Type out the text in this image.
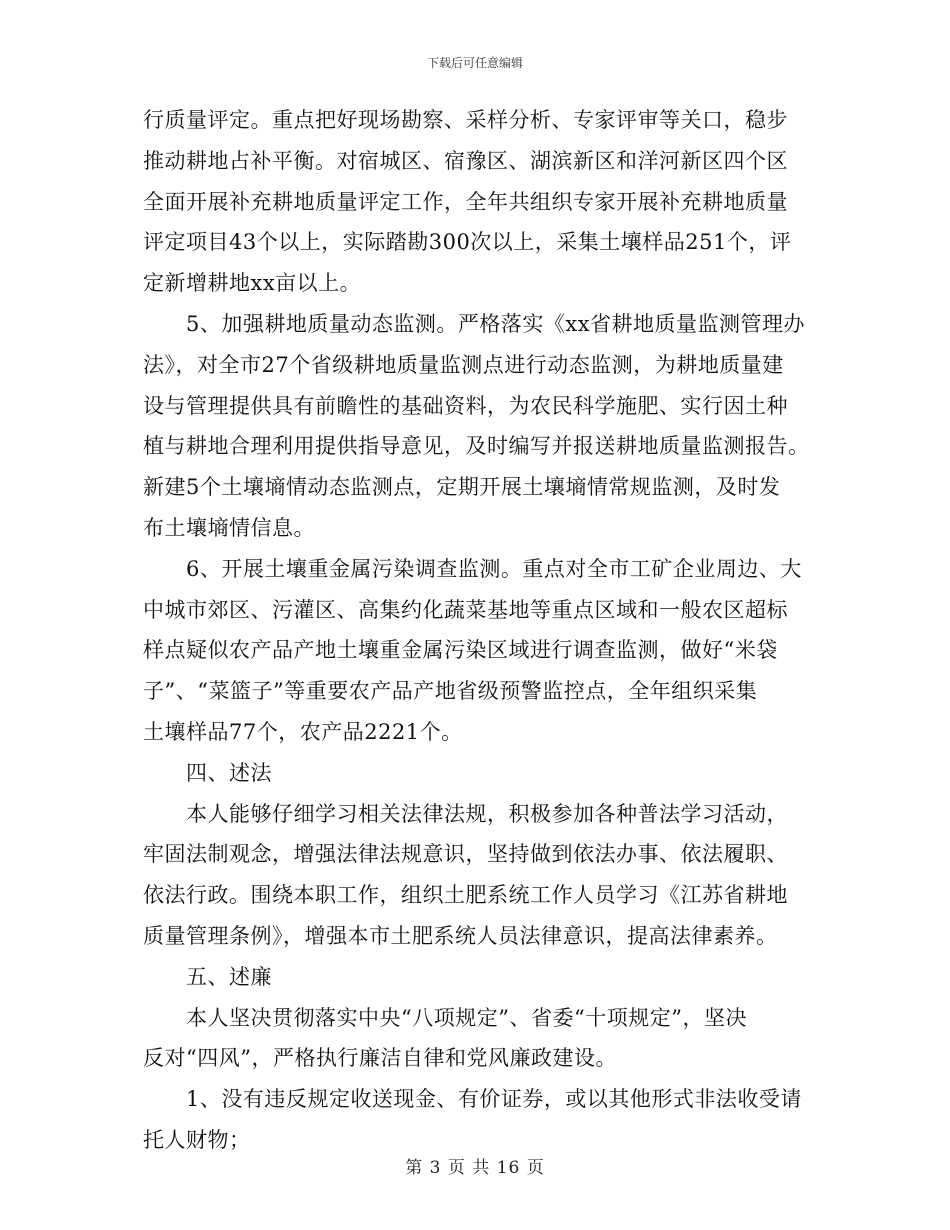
下载后可任意编辑
行质量评定。重点把好现场勘察、采样分析、专家评审等关口，稳步
推动耕地占补平衡。对宿城区、宿豫区、湖滨新区和洋河新区四个区
全面开展补充耕地质量评定工作，全年共组织专家开展补充耕地质量
评定项目43个以上，实际踏勘300次以上，采集土壤样品251个，评
定新增耕地xx亩以上。
5、加强耕地质量动态监测。严格落实《xx省耕地质量监测管理办
法》，对全市27个省级耕地质量监测点进行动态监测，为耕地质量建
设与管理提供具有前瞻性的基础资料，为农民科学施肥、实行因土种
植与耕地合理利用提供指导意见，及时编写并报送耕地质量监测报告。
新建5个土壤墒情动态监测点，定期开展土壤墒情常规监测，及时发
布土壤墒情信息。
6、开展土壤重金属污染调查监测。重点对全市工矿企业周边、大
中城市郊区、污灌区、高集约化蔬菜基地等重点区域和一般农区超标
样点疑似农产品产地土壤重金属污染区域进行调查监测，做好“米袋
子”、“菜篮子”等重要农产品产地省级预警监控点，全年组织采集
土壤样品77个，农产品2221个。
四、述法
本人能够仔细学习相关法律法规，积极参加各种普法学习活动，
牢固法制观念，增强法律法规意识，坚持做到依法办事、依法履职、
依法行政。围绕本职工作，组织土肥系统工作人员学习《江苏省耕地
质量管理条例》，增强本市土肥系统人员法律意识，提高法律素养。
五、述廉
本人坚决贯彻落实中央“八项规定”、省委“十项规定”，坚决
反对“四风”，严格执行廉洁自律和党风廉政建设。
1、没有违反规定收送现金、有价证券，或以其他形式非法收受请
托人财物；
第 3 页 共 16 页
